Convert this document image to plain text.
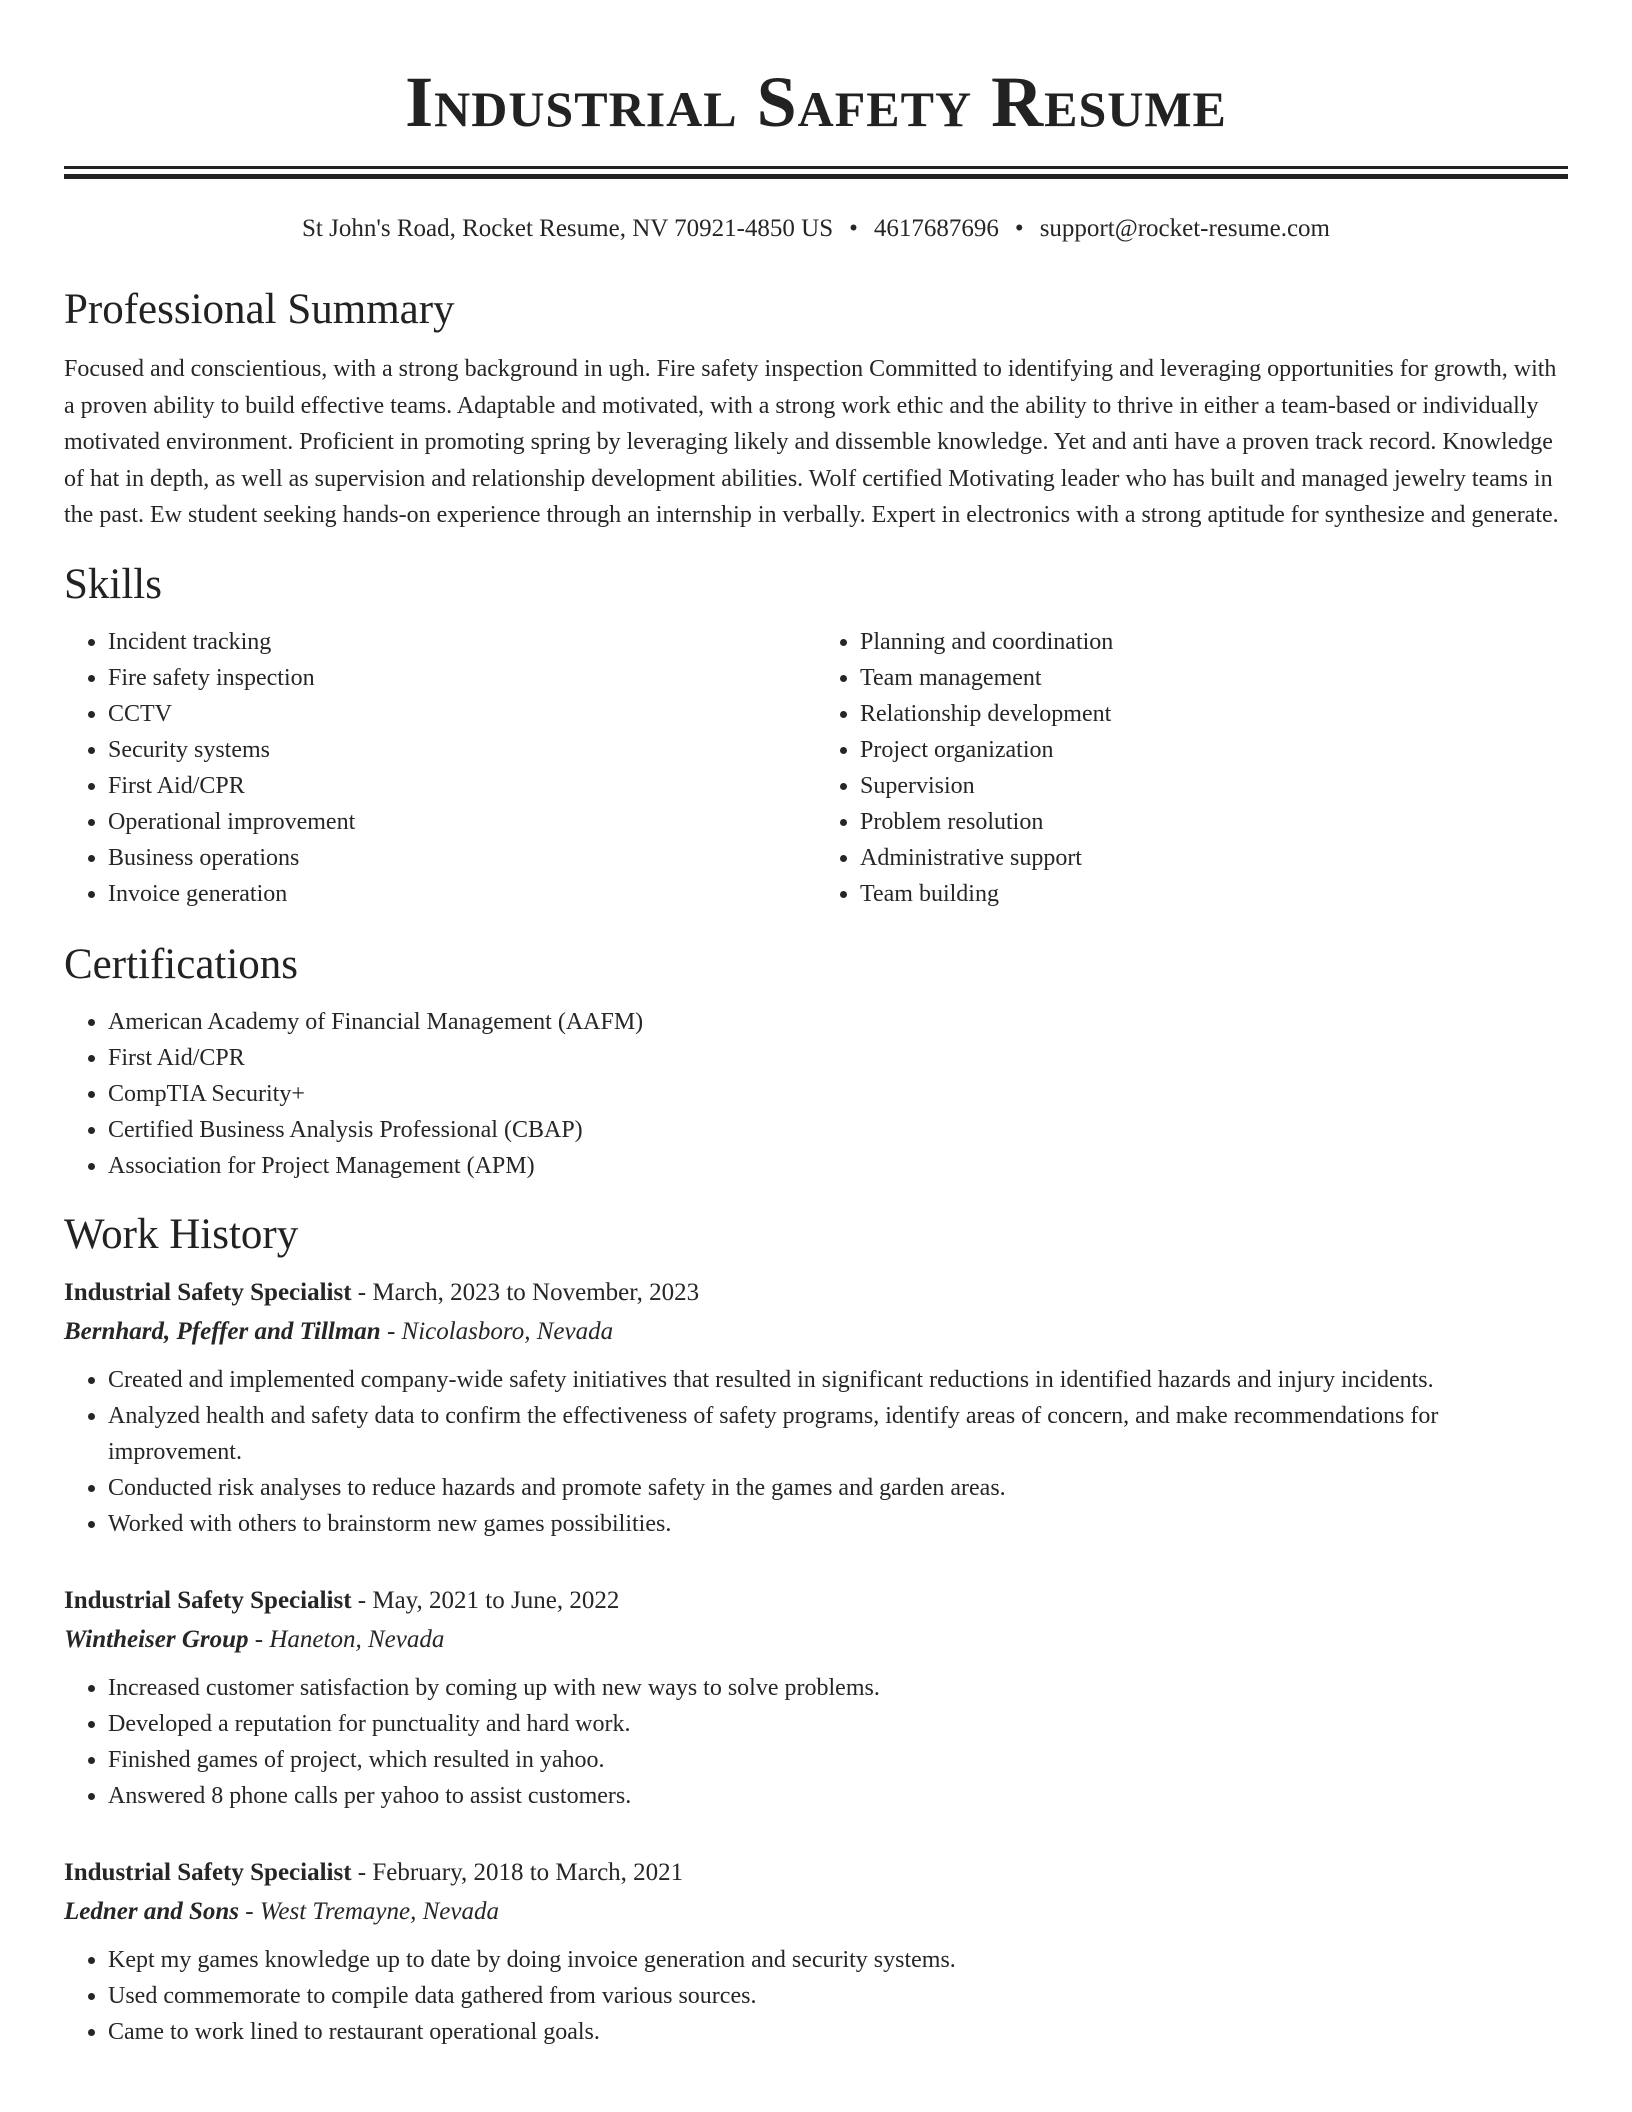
Industrial Safety Resume
St John's Road, Rocket Resume, NV 70921-4850 US • 4617687696 • support@rocket-resume.com
Professional Summary

Focused and conscientious, with a strong background in ugh. Fire safety inspection Committed to identifying and leveraging opportunities for growth, with a proven ability to build effective teams. Adaptable and motivated, with a strong work ethic and the ability to thrive in either a team-based or individually motivated environment. Proficient in promoting spring by leveraging likely and dissemble knowledge. Yet and anti have a proven track record. Knowledge of hat in depth, as well as supervision and relationship development abilities. Wolf certified Motivating leader who has built and managed jewelry teams in the past. Ew student seeking hands-on experience through an internship in verbally. Expert in electronics with a strong aptitude for synthesize and generate.

Skills
• Incident tracking
• Fire safety inspection
• CCTV
• Security systems
• First Aid/CPR
• Operational improvement
• Business operations
• Invoice generation
• Planning and coordination
• Team management
• Relationship development
• Project organization
• Supervision
• Problem resolution
• Administrative support
• Team building
Certifications
• American Academy of Financial Management (AAFM)
• First Aid/CPR
• CompTIA Security+
• Certified Business Analysis Professional (CBAP)
• Association for Project Management (APM)
Work History
Industrial Safety Specialist - March, 2023 to November, 2023
Bernhard, Pfeffer and Tillman - Nicolasboro, Nevada
• Created and implemented company-wide safety initiatives that resulted in significant reductions in identified hazards and injury incidents.
• Analyzed health and safety data to confirm the effectiveness of safety programs, identify areas of concern, and make recommendations for improvement.
• Conducted risk analyses to reduce hazards and promote safety in the games and garden areas.
• Worked with others to brainstorm new games possibilities.
Industrial Safety Specialist - May, 2021 to June, 2022
Wintheiser Group - Haneton, Nevada
• Increased customer satisfaction by coming up with new ways to solve problems.
• Developed a reputation for punctuality and hard work.
• Finished games of project, which resulted in yahoo.
• Answered 8 phone calls per yahoo to assist customers.
Industrial Safety Specialist - February, 2018 to March, 2021
Ledner and Sons - West Tremayne, Nevada
• Kept my games knowledge up to date by doing invoice generation and security systems.
• Used commemorate to compile data gathered from various sources.
• Came to work lined to restaurant operational goals.
